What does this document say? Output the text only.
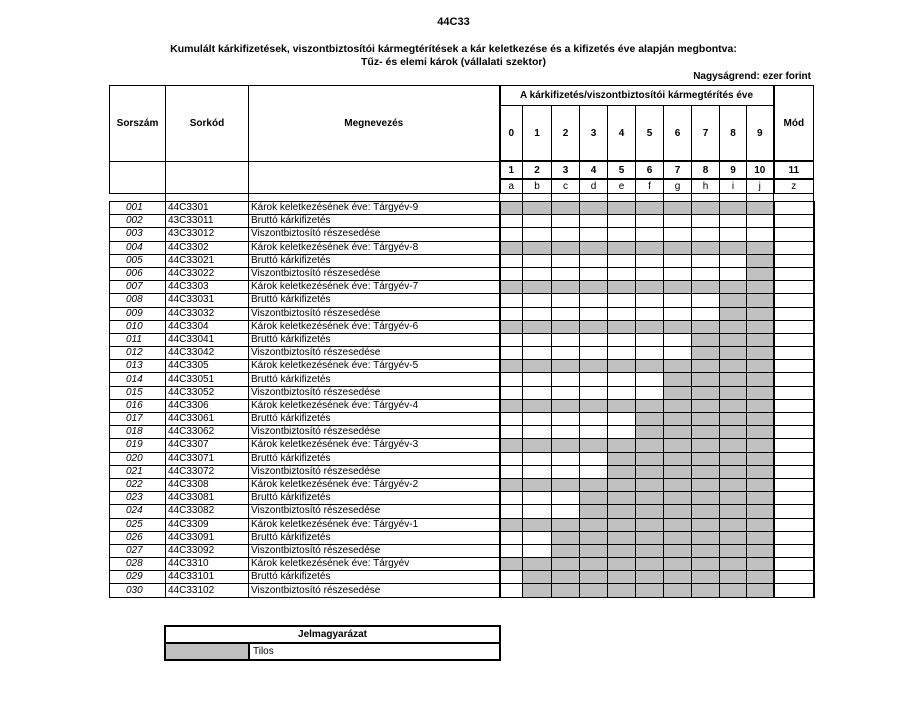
44C33
Kumulált kárkifizetések, viszontbiztosítói kármegtérítések a kár keletkezése és a kifizetés éve alapján megbontva:
Tűz- és elemi károk (vállalati szektor)
Nagyságrend: ezer forint
Sorszám	Sorkód	Megnevezés	A kárkifizetés/viszontbiztosítói kármegtérítés éve										Mód
			0	1	2	3	4	5	6	7	8	9	
			1	2	3	4	5	6	7	8	9	10	11
			a	b	c	d	e	f	g	h	i	j	z

001	44C3301	Károk keletkezésének éve: Tárgyév-9											
002	43C33011	Bruttó kárkifizetés											
003	43C33012	Viszontbiztosító részesedése											
004	44C3302	Károk keletkezésének éve: Tárgyév-8											
005	44C33021	Bruttó kárkifizetés											
006	44C33022	Viszontbiztosító részesedése											
007	44C3303	Károk keletkezésének éve: Tárgyév-7											
008	44C33031	Bruttó kárkifizetés											
009	44C33032	Viszontbiztosító részesedése											
010	44C3304	Károk keletkezésének éve: Tárgyév-6											
011	44C33041	Bruttó kárkifizetés											
012	44C33042	Viszontbiztosító részesedése											
013	44C3305	Károk keletkezésének éve: Tárgyév-5											
014	44C33051	Bruttó kárkifizetés											
015	44C33052	Viszontbiztosító részesedése											
016	44C3306	Károk keletkezésének éve: Tárgyév-4											
017	44C33061	Bruttó kárkifizetés											
018	44C33062	Viszontbiztosító részesedése											
019	44C3307	Károk keletkezésének éve: Tárgyév-3											
020	44C33071	Bruttó kárkifizetés											
021	44C33072	Viszontbiztosító részesedése											
022	44C3308	Károk keletkezésének éve: Tárgyév-2											
023	44C33081	Bruttó kárkifizetés											
024	44C33082	Viszontbiztosító részesedése											
025	44C3309	Károk keletkezésének éve: Tárgyév-1											
026	44C33091	Bruttó kárkifizetés											
027	44C33092	Viszontbiztosító részesedése											
028	44C3310	Károk keletkezésének éve: Tárgyév											
029	44C33101	Bruttó kárkifizetés											
030	44C33102	Viszontbiztosító részesedése											
Jelmagyarázat
	Tilos
